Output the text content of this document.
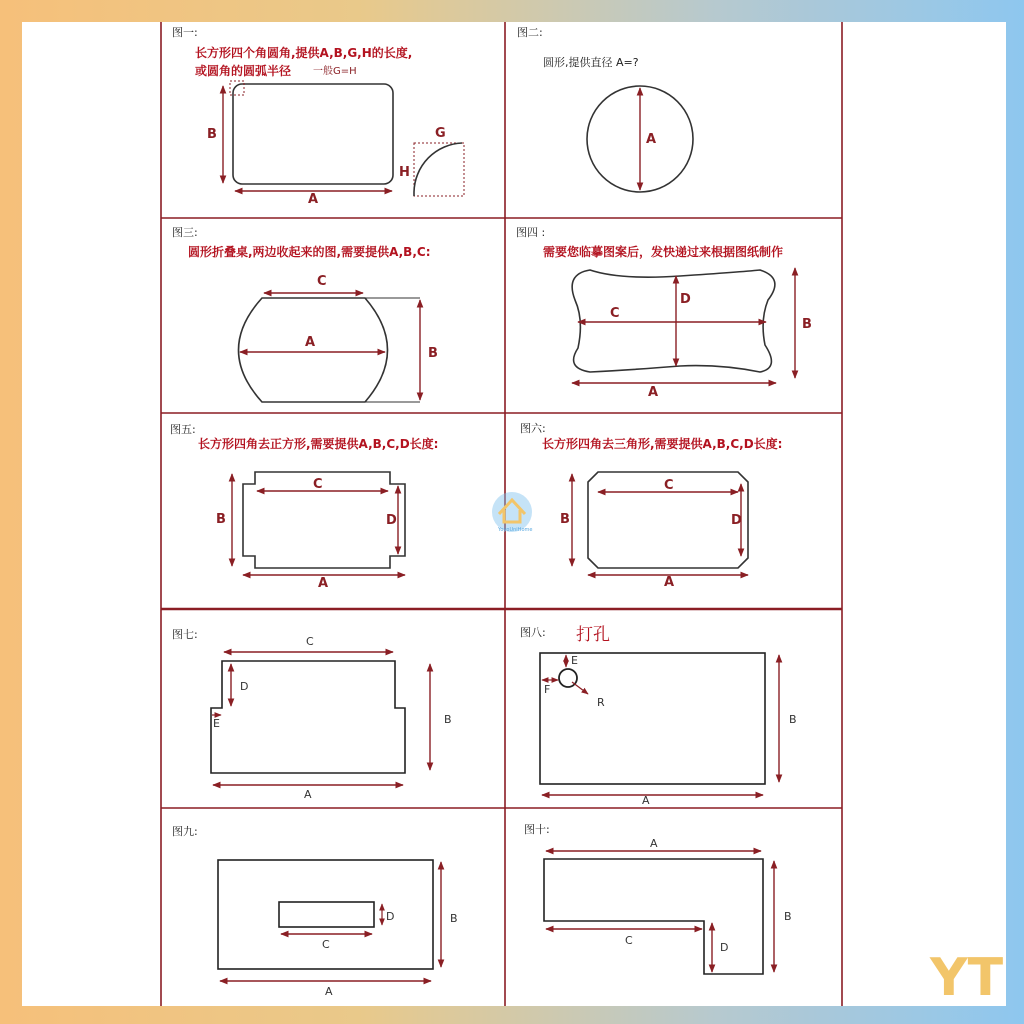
图一:
长方形四个角圆角,提供A,B,G,H的长度,
或圆角的圆弧半径 一般G=H
B
A
G
H
图二:
圆形,提供直径 A=?
A
图三:
圆形折叠桌,两边收起来的图,需要提供A,B,C:
C
A
B
图四 :
需要您临摹图案后，发快递过来根据图纸制作
D
C
B
A
图五:
长方形四角去正方形,需要提供A,B,C,D长度:
C
B	D
A
图六:
长方形四角去三角形,需要提供A,B,C,D长度:
C
B	D
A
YoyoUniHome
图七:
C
D
E	B
A
图八: 打孔
E
F
R
B
A
图九:
D
C
B
A
图十:
A
B
C
D
YT
